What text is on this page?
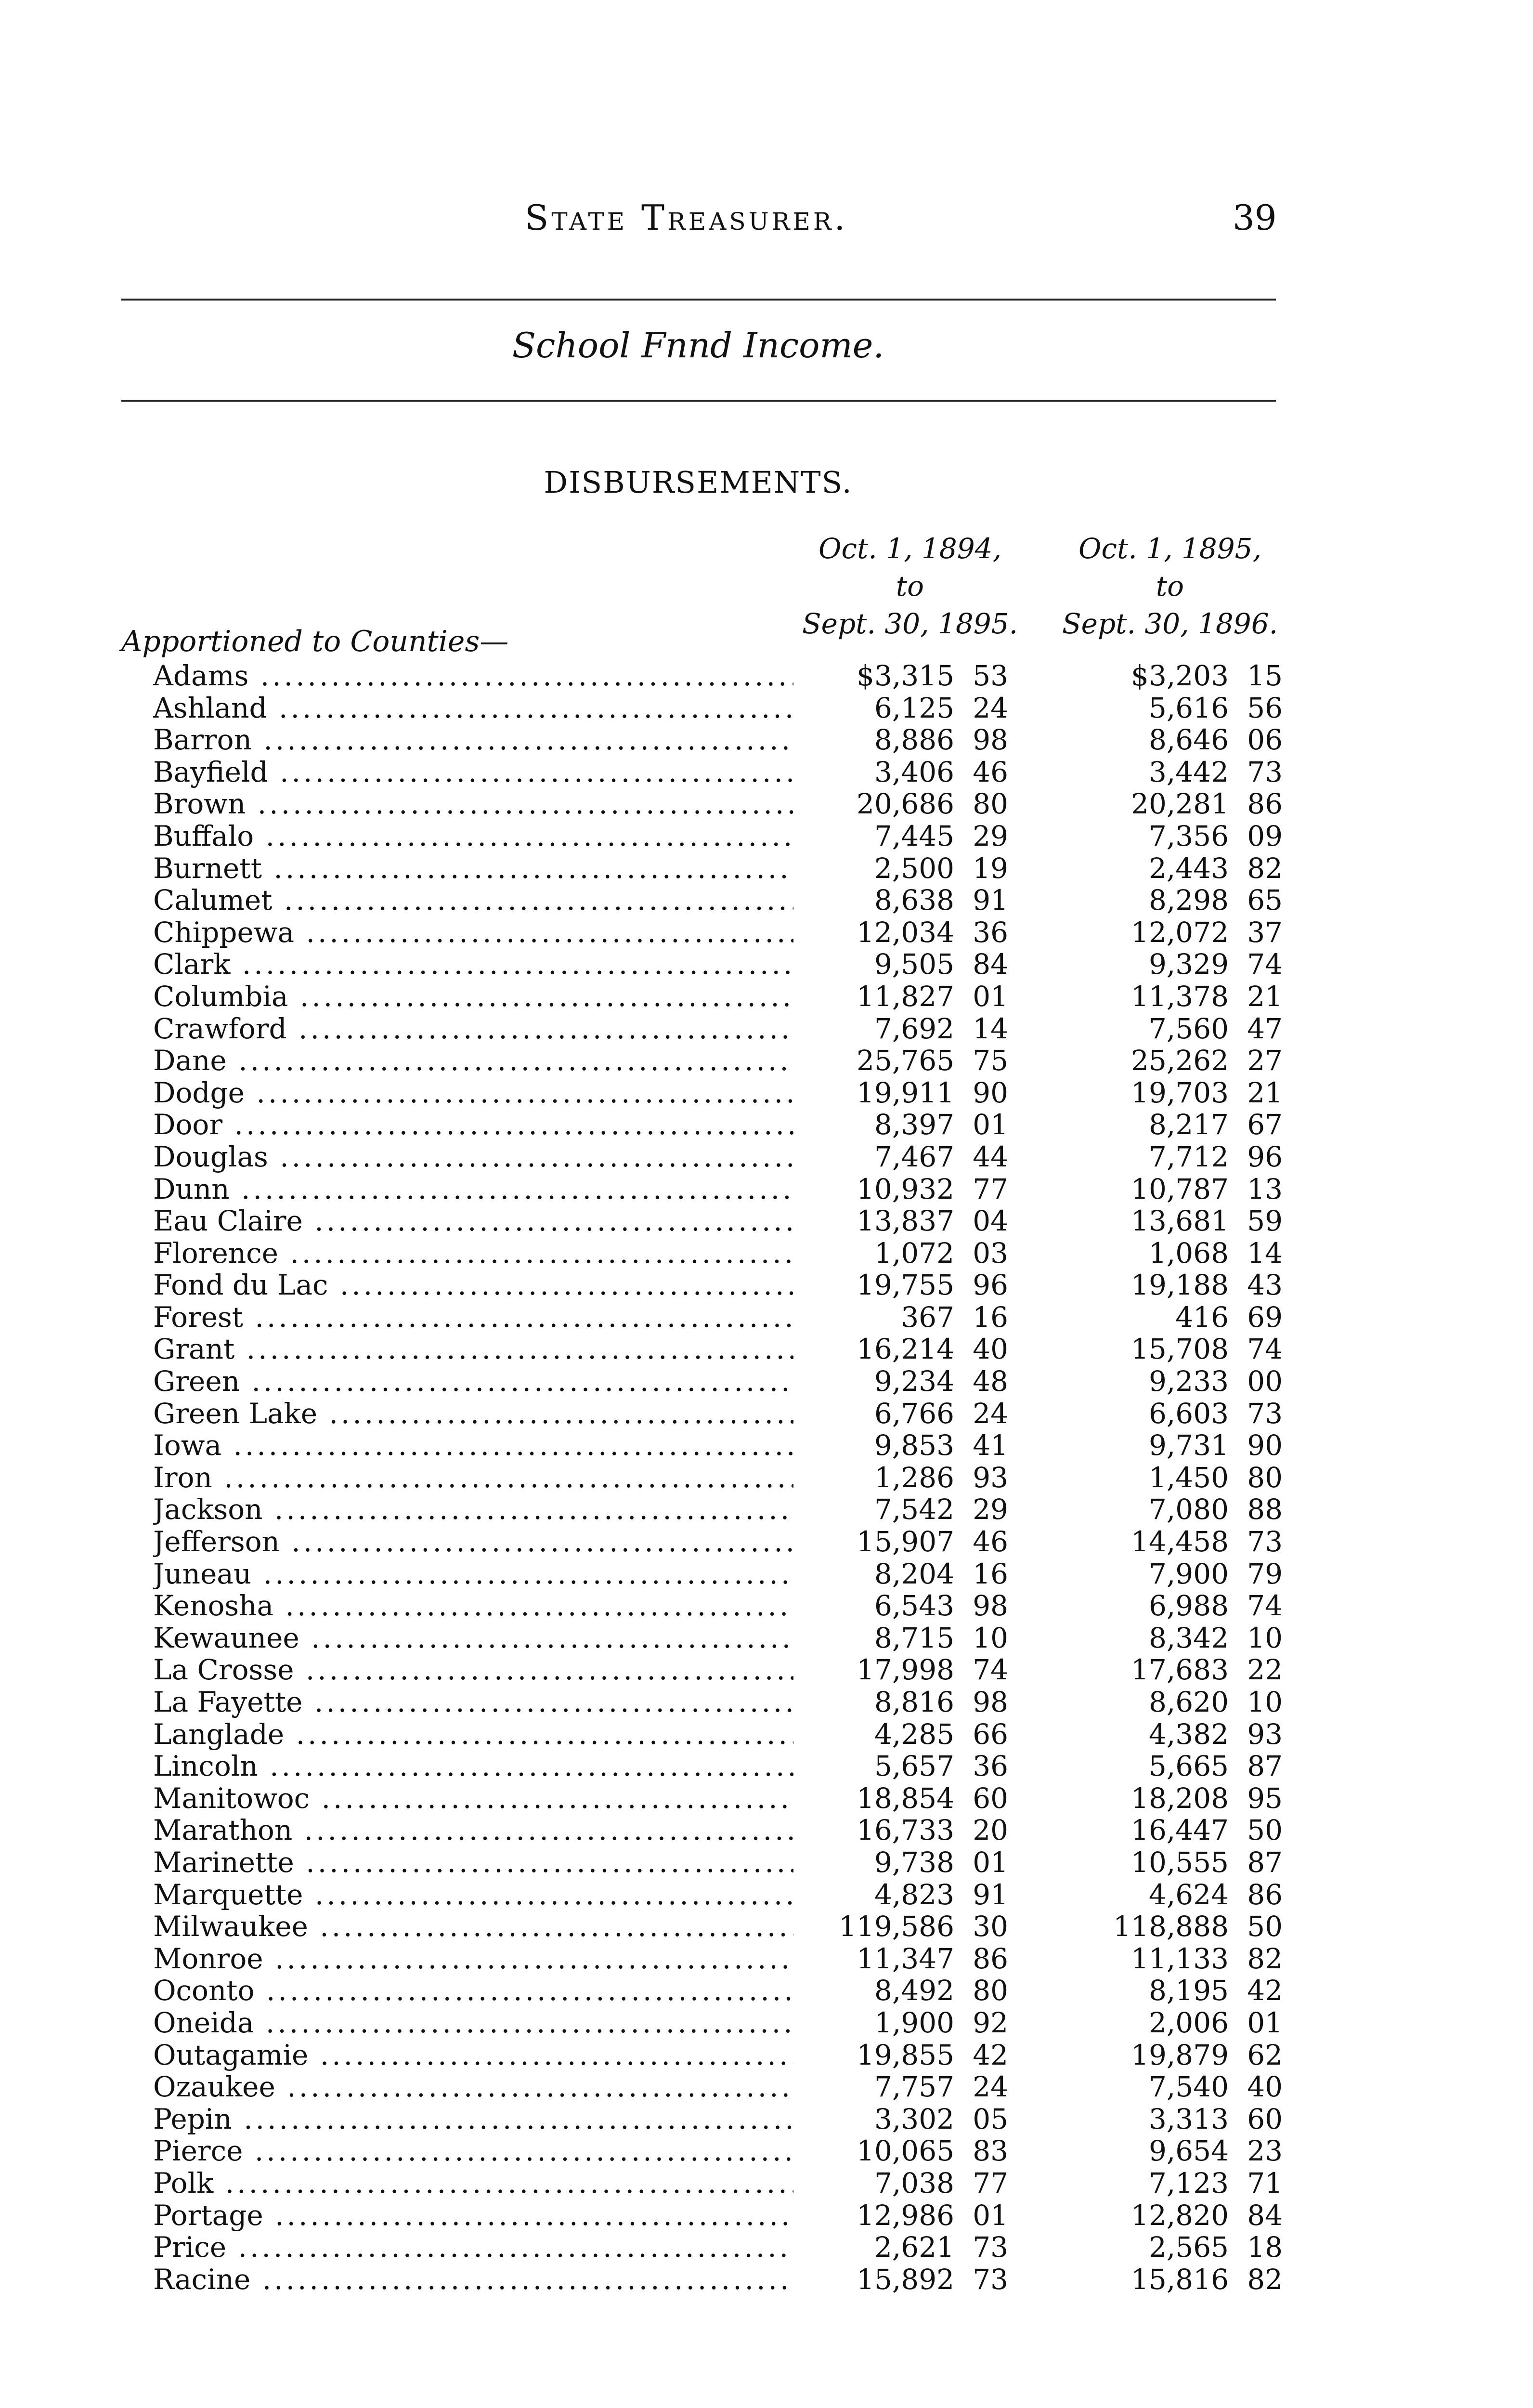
State Treasurer.	39
School Fnnd Income.
DISBURSEMENTS.
Oct. 1, 1894,
to
Sept. 30, 1895.
Oct. 1, 1895,
to
Sept. 30, 1896.
Apportioned to Counties—
Adams .....	$3,315 53	$3,203 15
Ashland .....	6,125 24	5,616 56
Barron .....	8,886 98	8,646 06
Bayfield .....	3,406 46	3,442 73
Brown .....	20,686 80	20,281 86
Buffalo .....	7,445 29	7,356 09
Burnett .....	2,500 19	2,443 82
Calumet .....	8,638 91	8,298 65
Chippewa .....	12,034 36	12,072 37
Clark .....	9,505 84	9,329 74
Columbia .....	11,827 01	11,378 21
Crawford .....	7,692 14	7,560 47
Dane .....	25,765 75	25,262 27
Dodge .....	19,911 90	19,703 21
Door .....	8,397 01	8,217 67
Douglas .....	7,467 44	7,712 96
Dunn .....	10,932 77	10,787 13
Eau Claire .....	13,837 04	13,681 59
Florence .....	1,072 03	1,068 14
Fond du Lac .....	19,755 96	19,188 43
Forest .....	367 16	416 69
Grant .....	16,214 40	15,708 74
Green .....	9,234 48	9,233 00
Green Lake .....	6,766 24	6,603 73
Iowa .....	9,853 41	9,731 90
Iron .....	1,286 93	1,450 80
Jackson .....	7,542 29	7,080 88
Jefferson .....	15,907 46	14,458 73
Juneau .....	8,204 16	7,900 79
Kenosha .....	6,543 98	6,988 74
Kewaunee .....	8,715 10	8,342 10
La Crosse .....	17,998 74	17,683 22
La Fayette .....	8,816 98	8,620 10
Langlade .....	4,285 66	4,382 93
Lincoln .....	5,657 36	5,665 87
Manitowoc .....	18,854 60	18,208 95
Marathon .....	16,733 20	16,447 50
Marinette .....	9,738 01	10,555 87
Marquette .....	4,823 91	4,624 86
Milwaukee .....	119,586 30	118,888 50
Monroe .....	11,347 86	11,133 82
Oconto .....	8,492 80	8,195 42
Oneida .....	1,900 92	2,006 01
Outagamie .....	19,855 42	19,879 62
Ozaukee .....	7,757 24	7,540 40
Pepin .....	3,302 05	3,313 60
Pierce .....	10,065 83	9,654 23
Polk .....	7,038 77	7,123 71
Portage .....	12,986 01	12,820 84
Price .....	2,621 73	2,565 18
Racine .....	15,892 73	15,816 82
